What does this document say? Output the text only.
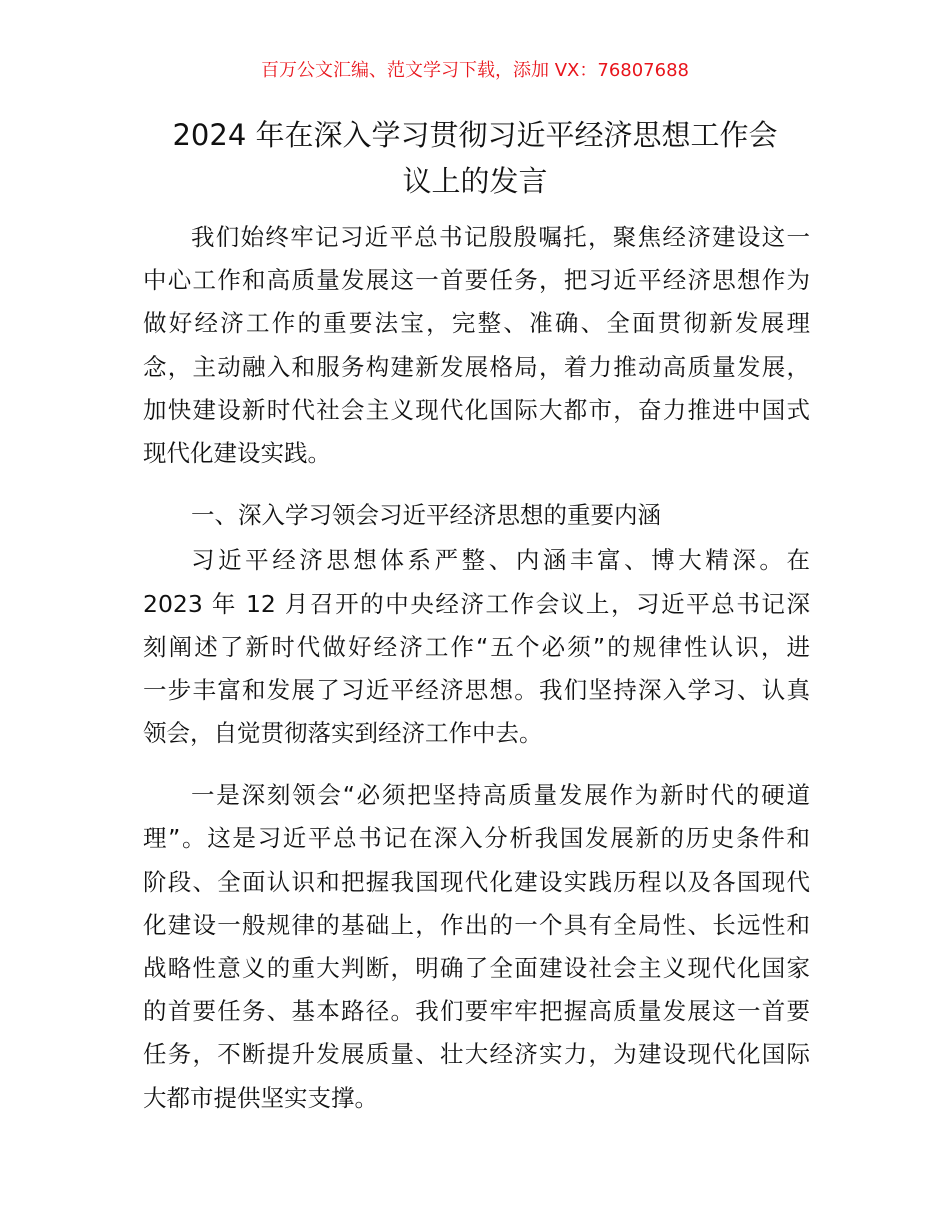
百万公文汇编、范文学习下载，添加 VX：76807688
2024 年在深入学习贯彻习近平经济思想工作会
议上的发言
我们始终牢记习近平总书记殷殷嘱托，聚焦经济建设这一
中心工作和高质量发展这一首要任务，把习近平经济思想作为
做好经济工作的重要法宝，完整、准确、全面贯彻新发展理
念，主动融入和服务构建新发展格局，着力推动高质量发展，
加快建设新时代社会主义现代化国际大都市，奋力推进中国式
现代化建设实践。
一、深入学习领会习近平经济思想的重要内涵
习近平经济思想体系严整、内涵丰富、博大精深。在
2023 年 12 月召开的中央经济工作会议上，习近平总书记深
刻阐述了新时代做好经济工作“五个必须”的规律性认识，进
一步丰富和发展了习近平经济思想。我们坚持深入学习、认真
领会，自觉贯彻落实到经济工作中去。
一是深刻领会“必须把坚持高质量发展作为新时代的硬道
理”。这是习近平总书记在深入分析我国发展新的历史条件和
阶段、全面认识和把握我国现代化建设实践历程以及各国现代
化建设一般规律的基础上，作出的一个具有全局性、长远性和
战略性意义的重大判断，明确了全面建设社会主义现代化国家
的首要任务、基本路径。我们要牢牢把握高质量发展这一首要
任务，不断提升发展质量、壮大经济实力，为建设现代化国际
大都市提供坚实支撑。
